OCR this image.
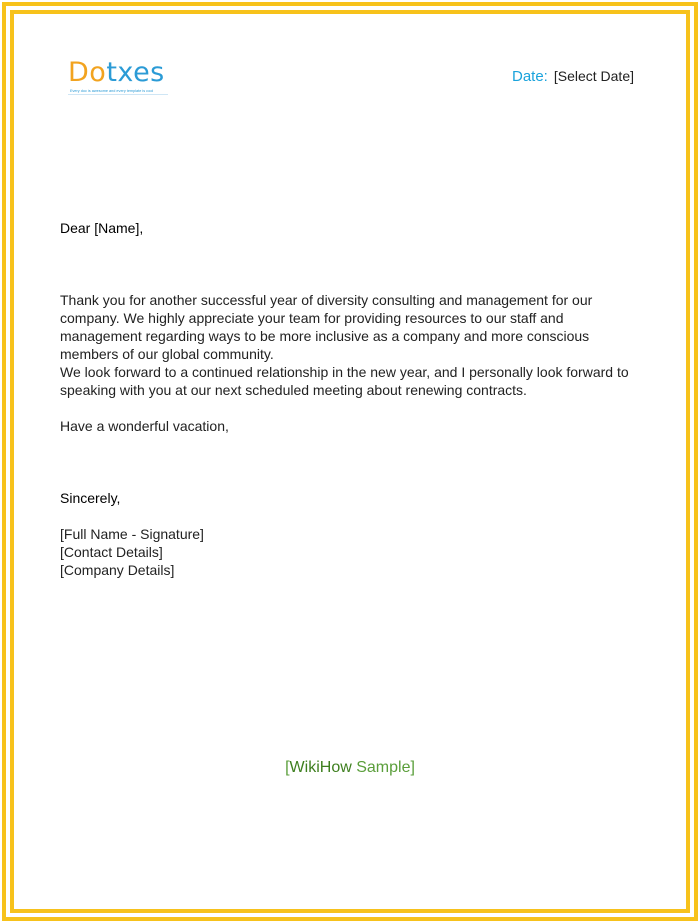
Dotxes
Every doc is awesome and every template is cool
Date: [Select Date]
Dear [Name],
Thank you for another successful year of diversity consulting and management for our company. We highly appreciate your team for providing resources to our staff and management regarding ways to be more inclusive as a company and more conscious members of our global community.
We look forward to a continued relationship in the new year, and I personally look forward to speaking with you at our next scheduled meeting about renewing contracts.
Have a wonderful vacation,
Sincerely,
[Full Name - Signature]
[Contact Details]
[Company Details]
[WikiHow Sample]
